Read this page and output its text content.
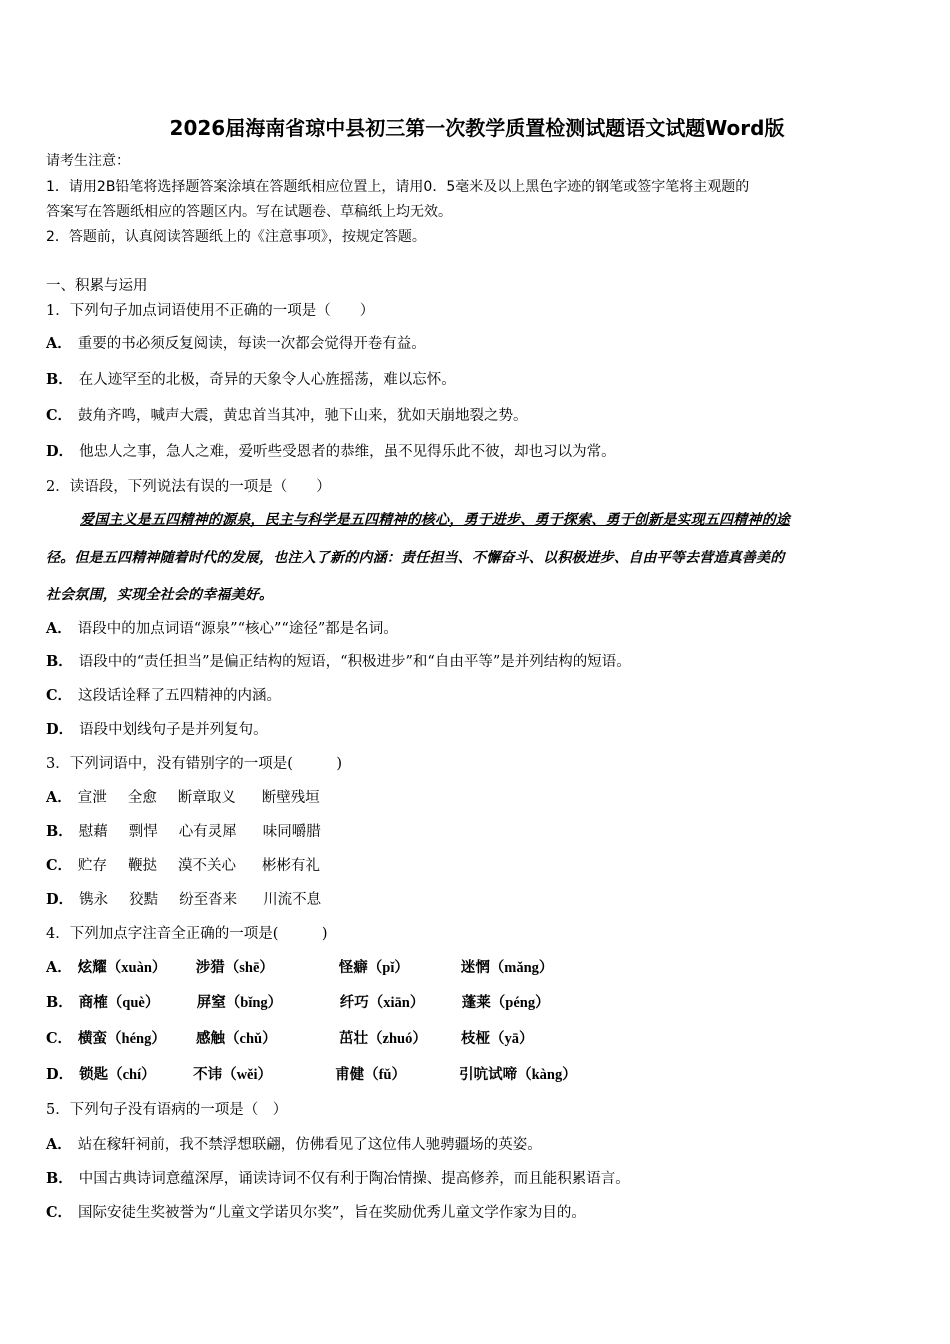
2026届海南省琼中县初三第一次教学质置检测试题语文试题Word版
请考生注意：
1．请用2B铅笔将选择题答案涂填在答题纸相应位置上，请用0．5毫米及以上黑色字迹的钢笔或签字笔将主观题的
答案写在答题纸相应的答题区内。写在试题卷、草稿纸上均无效。
2．答题前，认真阅读答题纸上的《注意事项》，按规定答题。
一、积累与运用
1．下列句子加点词语使用不正确的一项是（　　）
A． 重要的书必须反复阅读，每读一次都会觉得开卷有益。
B． 在人迹罕至的北极，奇异的天象令人心旌摇荡，难以忘怀。
C． 鼓角齐鸣，喊声大震，黄忠首当其冲，驰下山来，犹如天崩地裂之势。
D． 他忠人之事，急人之难，爱听些受恩者的恭维，虽不见得乐此不彼，却也习以为常。
2．读语段，下列说法有误的一项是（　　）
爱国主义是五四精神的源泉，民主与科学是五四精神的核心，勇于进步、勇于探索、勇于创新是实现五四精神的途
径。但是五四精神随着时代的发展，也注入了新的内涵：责任担当、不懈奋斗、以积极进步、自由平等去营造真善美的
社会氛围，实现全社会的幸福美好。
A． 语段中的加点词语“源泉”“核心”“途径”都是名词。
B． 语段中的“责任担当”是偏正结构的短语，“积极进步”和“自由平等”是并列结构的短语。
C． 这段话诠释了五四精神的内涵。
D． 语段中划线句子是并列复句。
3．下列词语中，没有错别字的一项是(　　　)
A． 宣泄 全愈 断章取义 断壁残垣
B． 慰藉 剽悍 心有灵犀 味同嚼腊
C． 贮存 鞭挞 漠不关心 彬彬有礼
D． 镌永 狡黠 纷至沓来 川流不息
4．下列加点字注音全正确的一项是(　　　)
A． 炫耀（xuàn） 涉猎（shē）	怪癖（pǐ）	迷惘（mǎng）
B． 商榷（què）	屏窒（bǐng）	纤巧（xiān）	蓬莱（péng）
C． 横蛮（héng） 感触（chǔ）	茁壮（zhuó） 枝桠（yā）
D． 锁匙（chí）	不讳（wěi）	甫健（fǔ）	引吭试啼（kàng）
5．下列句子没有语病的一项是（　）
A． 站在稼轩祠前，我不禁浮想联翩，仿佛看见了这位伟人驰骋疆场的英姿。
B． 中国古典诗词意蕴深厚，诵读诗词不仅有利于陶冶情操、提高修养，而且能积累语言。
C． 国际安徒生奖被誉为“儿童文学诺贝尔奖”，旨在奖励优秀儿童文学作家为目的。
